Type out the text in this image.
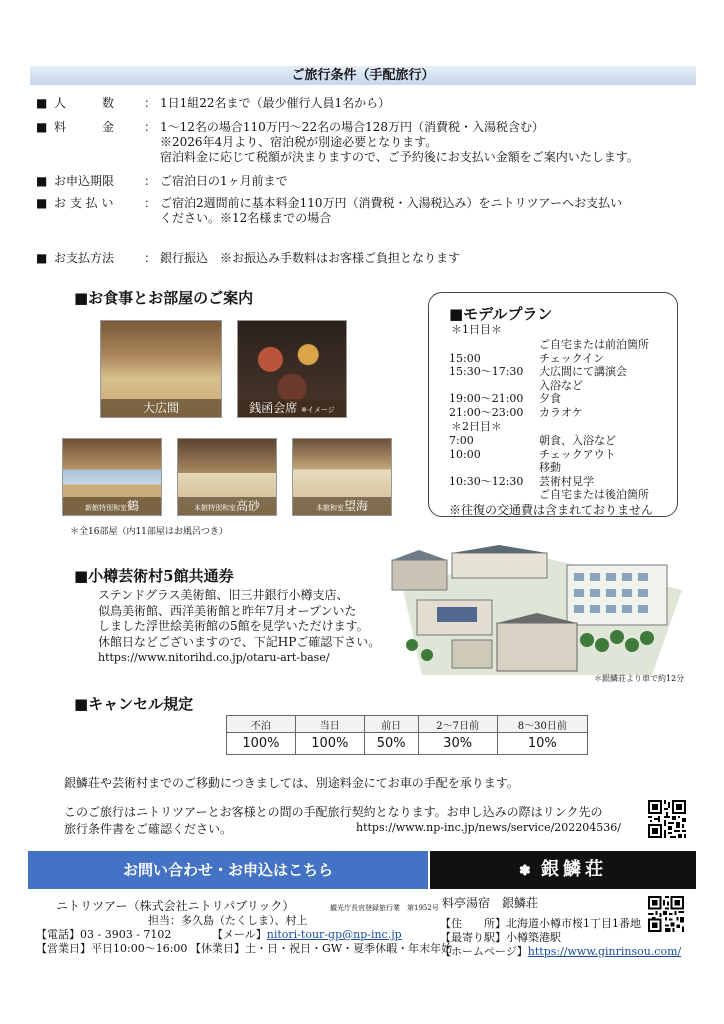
ご旅行条件（手配旅行）
■ 人　　　数 ： 1日1組22名まで（最少催行人員1名から）
■ 料　　　金 ： 1～12名の場合110万円～22名の場合128万円（消費税・入湯税含む）
※2026年4月より、宿泊税が別途必要となります。
宿泊料金に応じて税額が決まりますので、ご予約後にお支払い金額をご案内いたします。
■ お申込期限 ： ご宿泊日の1ヶ月前まで
■ お 支 払 い	： ご宿泊2週間前に基本料金110万円（消費税・入湯税込み）をニトリツアーへお支払い
ください。※12名様までの場合
■ お支払方法 ： 銀行振込　※お振込み手数料はお客様ご負担となります
■お食事とお部屋のご案内
大広間	銭函会席 ※イメージ
新館特別和室鶴	本館特別和室高砂	本館和室望海
＊全16部屋（内11部屋はお風呂つき）
■モデルプラン
＊1日目＊
ご自宅または前泊箇所
15:00	チェックイン
15:30～17:30 大広間にて講演会
入浴など
19:00～21:00 夕食
21:00～23:00 カラオケ
＊2日目＊
7:00	朝食、入浴など
10:00	チェックアウト
移動
10:30～12:30 芸術村見学
ご自宅または後泊箇所
※往復の交通費は含まれておりません
■小樽芸術村5館共通券
ステンドグラス美術館、旧三井銀行小樽支店、
似鳥美術館、西洋美術館と昨年7月オープンいた
しました浮世絵美術館の5館を見学いただけます。
休館日などございますので、下記HPご確認下さい。
https://www.nitorihd.co.jp/otaru-art-base/
＊銀鱗荘より車で約12分
■キャンセル規定
不泊	当日	前日	2～7日前	8～30日前
100%	100%	50%	30%	10%
銀鱗荘や芸術村までのご移動につきましては、別途料金にてお車の手配を承ります。
このご旅行はニトリツアーとお客様との間の手配旅行契約となります。お申し込みの際はリンク先の
旅行条件書をご確認ください。	https://www.np-inc.jp/news/service/202204536/
お問い合わせ・お申込はこちら	✽ 銀鱗荘
ニトリツアー（株式会社ニトリパブリック）	観光庁長官登録旅行業　第1952号
担当：多久島（たくしま）、村上
【電話】03 - 3903 - 7102	【メール】nitori-tour-gp@np-inc.jp
【営業日】平日10:00～16:00 【休業日】土・日・祝日・GW・夏季休暇・年末年始
料亭湯宿　銀鱗荘
【住　　所】北海道小樽市桜1丁目1番地
【最寄り駅】小樽築港駅
【ホームページ】https://www.ginrinsou.com/
